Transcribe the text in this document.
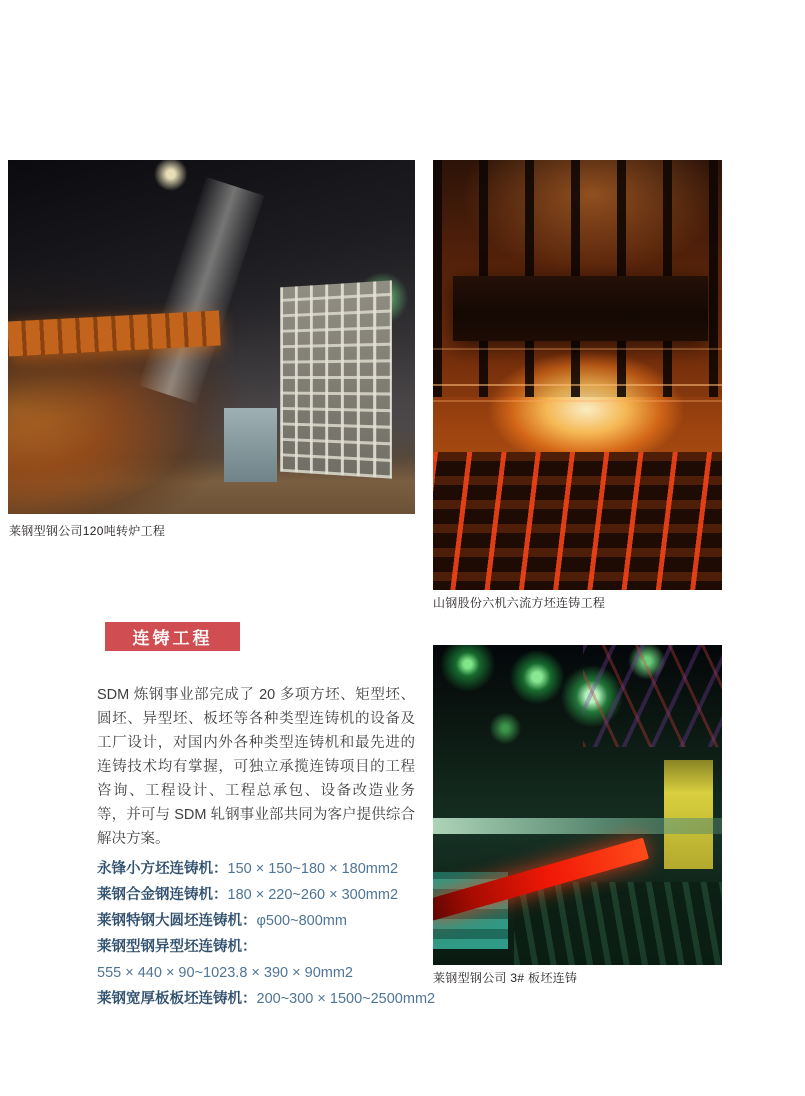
莱钢型钢公司120吨转炉工程
山钢股份六机六流方坯连铸工程
连铸工程

SDM 炼钢事业部完成了 20 多项方坯、矩型坯、圆坯、异型坯、板坯等各种类型连铸机的设备及工厂设计，对国内外各种类型连铸机和最先进的连铸技术均有掌握，可独立承揽连铸项目的工程咨询、工程设计、工程总承包、设备改造业务等，并可与 SDM 轧钢事业部共同为客户提供综合解决方案。

永锋小方坯连铸机：150 × 150~180 × 180mm2
莱钢合金钢连铸机：180 × 220~260 × 300mm2
莱钢特钢大圆坯连铸机：φ500~800mm
莱钢型钢异型坯连铸机：
555 × 440 × 90~1023.8 × 390 × 90mm2
莱钢宽厚板板坯连铸机：200~300 × 1500~2500mm2
莱钢型钢公司 3# 板坯连铸
